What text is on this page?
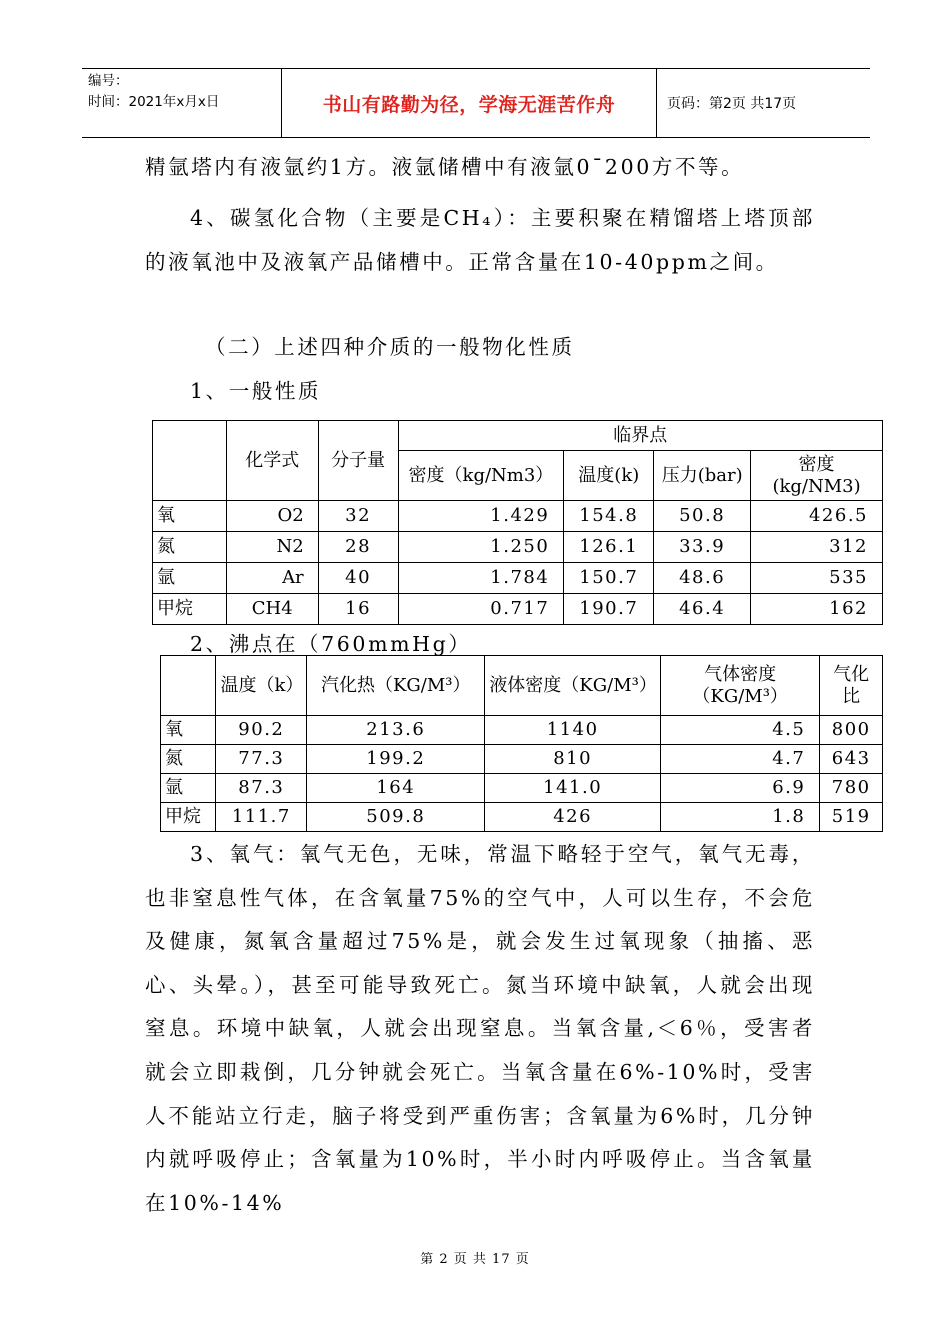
编号：
时间：2021年x月x日	书山有路勤为径，学海无涯苦作舟	页码：第2页 共17页

精氩塔内有液氩约1方。液氩储槽中有液氩0¯200方不等。

4、碳氢化合物（主要是CH₄）：主要积聚在精馏塔上塔顶部的液氧池中及液氧产品储槽中。正常含量在10-40ppm之间。

（二）上述四种介质的一般物化性质

1、一般性质

	化学式	分子量	临界点			
			密度（kg/Nm3）	温度(k)	压力(bar)	密度(kg/NM3)
氧	O2	32	1.429	154.8	50.8	426.5
氮	N2	28	1.250	126.1	33.9	312
氩	Ar	40	1.784	150.7	48.6	535
甲烷	CH4	16	0.717	190.7	46.4	162

2、沸点在（760mmHg）

	温度（k）	汽化热（KG/M³）	液体密度（KG/M³）	气体密度（KG/M³）	气化比
氧	90.2	213.6	1140	4.5	800
氮	77.3	199.2	810	4.7	643
氩	87.3	164	141.0	6.9	780
甲烷	111.7	509.8	426	1.8	519

3、氧气：氧气无色，无味，常温下略轻于空气，氧气无毒，也非窒息性气体，在含氧量75%的空气中，人可以生存，不会危及健康，氮氧含量超过75%是，就会发生过氧现象（抽搐、恶心、头晕。），甚至可能导致死亡。氮当环境中缺氧，人就会出现窒息。环境中缺氧，人就会出现窒息。当氧含量,＜6％，受害者就会立即栽倒，几分钟就会死亡。当氧含量在6%-10%时，受害人不能站立行走，脑子将受到严重伤害；含氧量为6%时，几分钟内就呼吸停止；含氧量为10%时，半小时内呼吸停止。当含氧量在10%-14%

第 2 页 共 17 页
